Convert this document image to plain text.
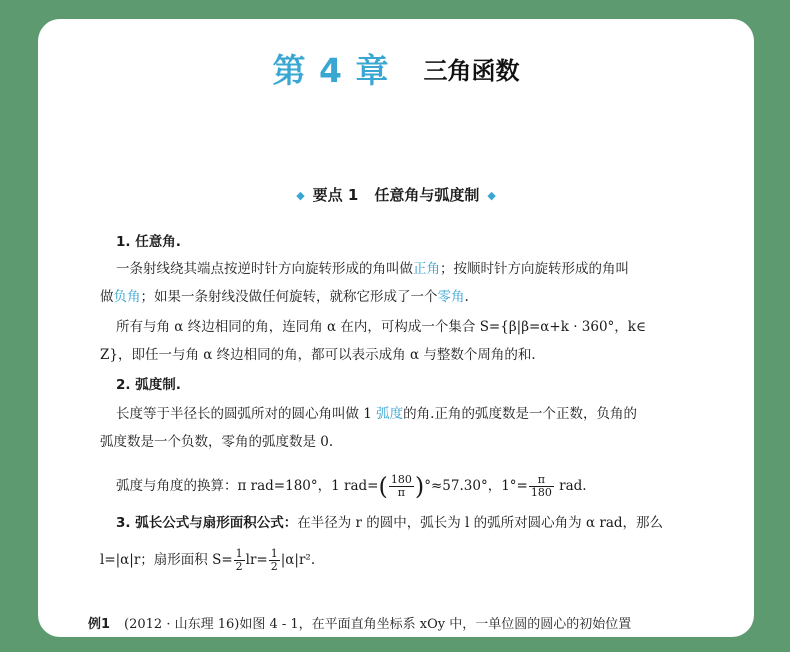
第 4 章 三角函数
◆ 要点 1 任意角与弧度制 ◆
1. 任意角.
一条射线绕其端点按逆时针方向旋转形成的角叫做正角；按顺时针方向旋转形成的角叫
做负角；如果一条射线没做任何旋转，就称它形成了一个零角.
所有与角 α 终边相同的角，连同角 α 在内，可构成一个集合 S={β|β=α+k · 360°，k∈
Z}，即任一与角 α 终边相同的角，都可以表示成角 α 与整数个周角的和.
2. 弧度制.
长度等于半径长的圆弧所对的圆心角叫做 1 弧度的角.正角的弧度数是一个正数，负角的
弧度数是一个负数，零角的弧度数是 0.
弧度与角度的换算：π rad=180°，1 $rad=( \frac{180}{\pi} )^\circ\approx 57.30^\circ$，$1^\circ= \frac{\pi}{180}$ rad.
3. 弧长公式与扇形面积公式：在半径为 r 的圆中，弧长为 l 的弧所对圆心角为 α rad，那么
l=|α|r；扇形面积 $S= \frac{1}{2} lr= \frac{1}{2} |\alpha|r^2$.
例1 (2012 · 山东理 16)如图 4 - 1，在平面直角坐标系 xOy 中，一单位圆的圆心的初始位置
